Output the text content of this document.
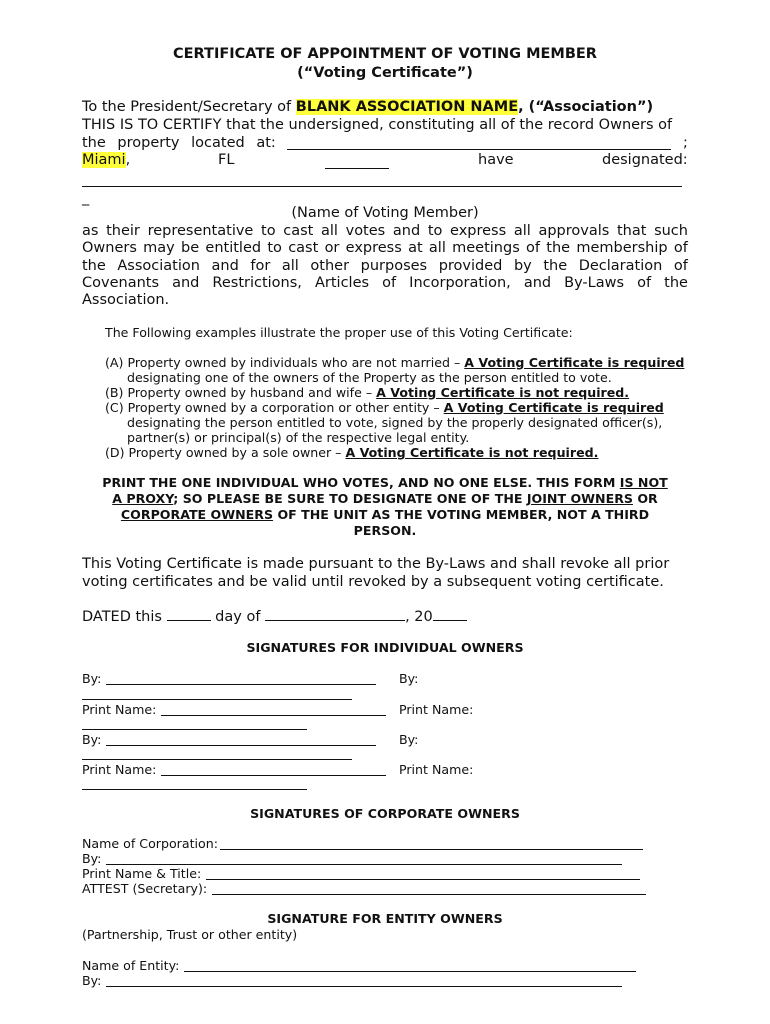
CERTIFICATE OF APPOINTMENT OF VOTING MEMBER
(“Voting Certificate”)
To the President/Secretary of BLANK ASSOCIATION NAME, (“Association”)
THIS IS TO CERTIFY that the undersigned, constituting all of the record Owners of
the property located at:	;
Miami,	FL	have	designated:
_
(Name of Voting Member)
as their representative to cast all votes and to express all approvals that such
Owners may be entitled to cast or express at all meetings of the membership of
the Association and for all other purposes provided by the Declaration of
Covenants and Restrictions, Articles of Incorporation, and By-Laws of the
Association.
The Following examples illustrate the proper use of this Voting Certificate:
(A) Property owned by individuals who are not married – A Voting Certificate is required
designating one of the owners of the Property as the person entitled to vote.
(B) Property owned by husband and wife – A Voting Certificate is not required.
(C) Property owned by a corporation or other entity – A Voting Certificate is required
designating the person entitled to vote, signed by the properly designated officer(s),
partner(s) or principal(s) of the respective legal entity.
(D) Property owned by a sole owner – A Voting Certificate is not required.
PRINT THE ONE INDIVIDUAL WHO VOTES, AND NO ONE ELSE. THIS FORM IS NOT
A PROXY; SO PLEASE BE SURE TO DESIGNATE ONE OF THE JOINT OWNERS OR
CORPORATE OWNERS OF THE UNIT AS THE VOTING MEMBER, NOT A THIRD
PERSON.
This Voting Certificate is made pursuant to the By-Laws and shall revoke all prior
voting certificates and be valid until revoked by a subsequent voting certificate.
DATED this	day of	, 20
SIGNATURES FOR INDIVIDUAL OWNERS
By:	By:
Print Name:	Print Name:
By:	By:
Print Name:	Print Name:
SIGNATURES OF CORPORATE OWNERS
Name of Corporation:
By:
Print Name & Title:
ATTEST (Secretary):
SIGNATURE FOR ENTITY OWNERS
(Partnership, Trust or other entity)
Name of Entity:
By:
